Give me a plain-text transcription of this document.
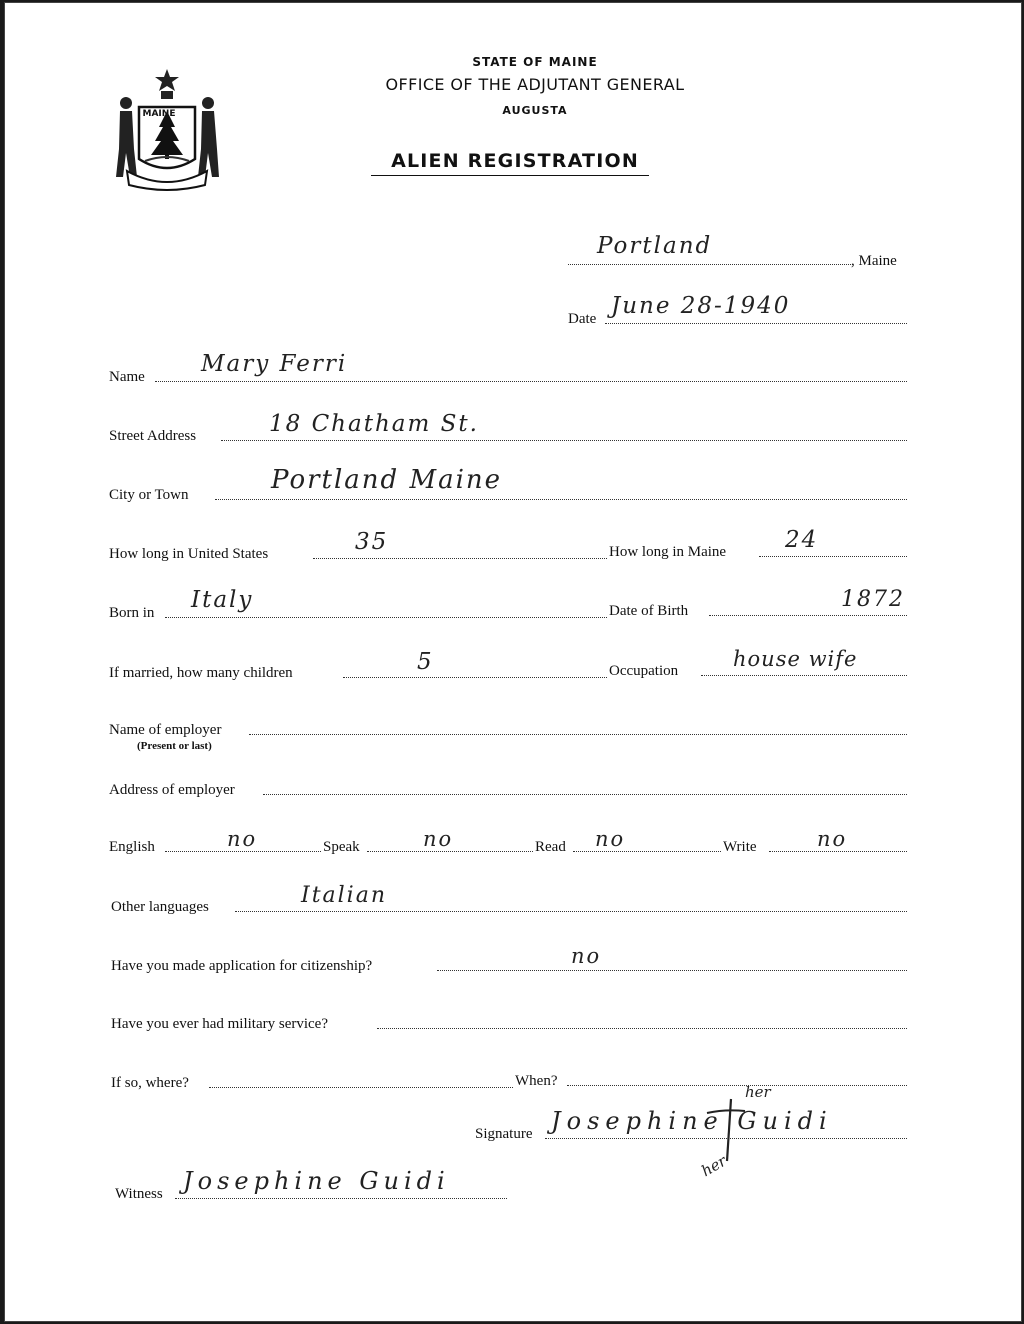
MAINE
STATE OF MAINE
OFFICE OF THE ADJUTANT GENERAL
AUGUSTA
ALIEN REGISTRATION
Portland
, Maine
Date June 28-1940
Name Mary Ferri
Street Address	18 Chatham St.
City or Town	Portland Maine
How long in United States	35	How long in Maine	24
Born in Italy	Date of Birth	1872
If married, how many children	5	Occupation	house wife
Name of employer
(Present or last)
Address of employer
English	no	Speak	no	Read no	Write	no
Other languages	Italian
Have you made application for citizenship?	no
Have you ever had military service?
If so, where?	When?
Signature Josephine Guidi
her
her
Witness Josephine Guidi
